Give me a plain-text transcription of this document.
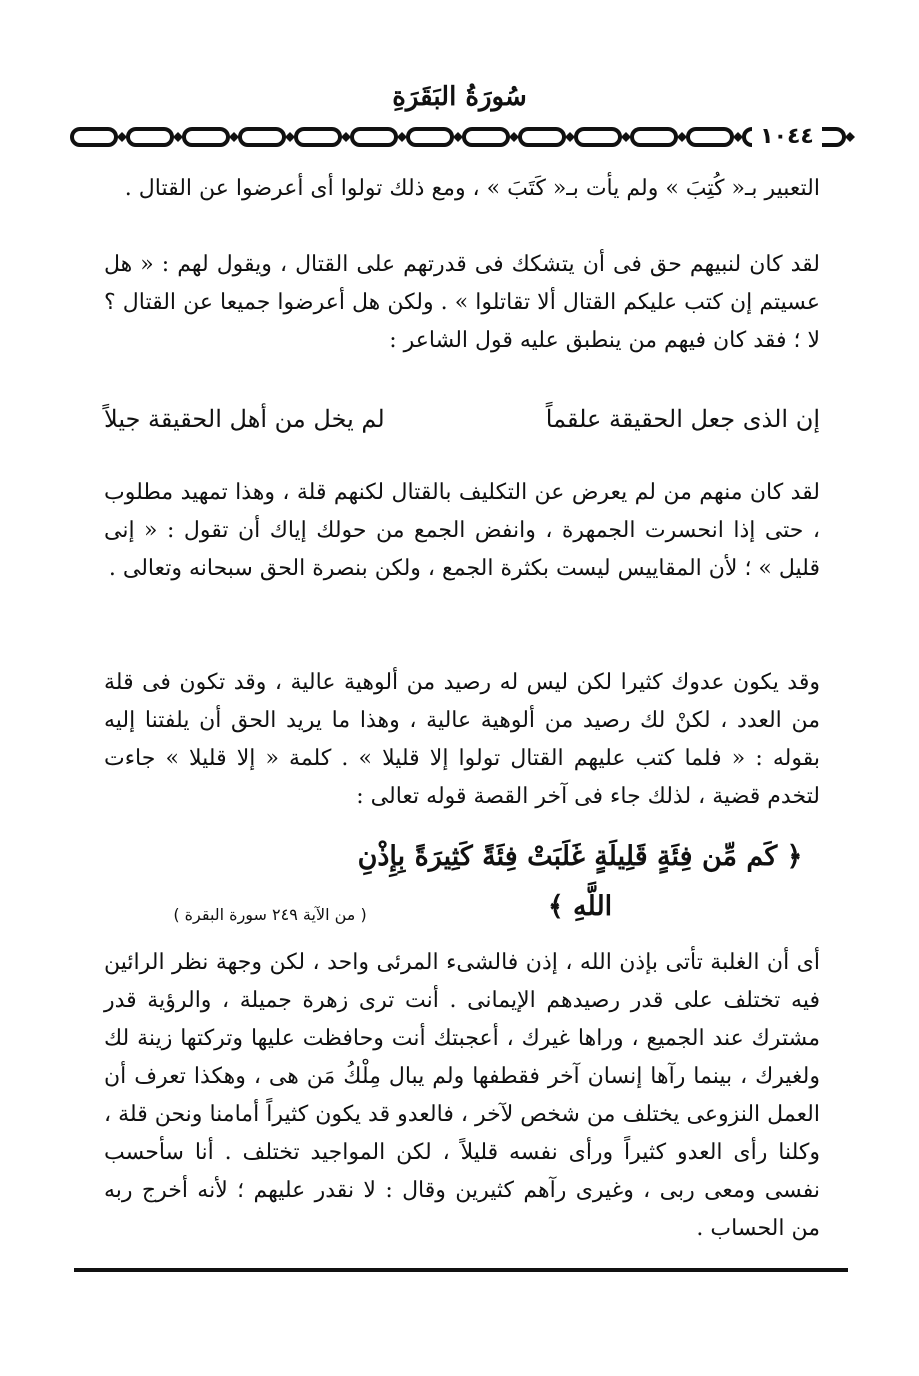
سُورَةُ البَقَرَةِ
١٠٤٤

التعبير بـ« كُتِبَ » ولم يأت بـ« كَتَبَ » ، ومع ذلك تولوا أى أعرضوا عن القتال .

لقد كان لنبيهم حق فى أن يتشكك فى قدرتهم على القتال ، ويقول لهم : « هل عسيتم إن كتب عليكم القتال ألا تقاتلوا » . ولكن هل أعرضوا جميعا عن القتال ؟ لا ؛ فقد كان فيهم من ينطبق عليه قول الشاعر :

إن الذى جعل الحقيقة علقماً
لم يخل من أهل الحقيقة جيلاً

لقد كان منهم من لم يعرض عن التكليف بالقتال لكنهم قلة ، وهذا تمهيد مطلوب ، حتى إذا انحسرت الجمهرة ، وانفض الجمع من حولك إياك أن تقول : « إنى قليل » ؛ لأن المقاييس ليست بكثرة الجمع ، ولكن بنصرة الحق سبحانه وتعالى .

وقد يكون عدوك كثيرا لكن ليس له رصيد من ألوهية عالية ، وقد تكون فى قلة من العدد ، لكنْ لك رصيد من ألوهية عالية ، وهذا ما يريد الحق أن يلفتنا إليه بقوله : « فلما كتب عليهم القتال تولوا إلا قليلا » . كلمة « إلا قليلا » جاءت لتخدم قضية ، لذلك جاء فى آخر القصة قوله تعالى :

﴿ كَم مِّن فِئَةٍ قَلِيلَةٍ غَلَبَتْ فِئَةً كَثِيرَةً بِإِذْنِ اللَّهِ ﴾
( من الآية ٢٤٩ سورة البقرة )

أى أن الغلبة تأتى بإذن الله ، إذن فالشىء المرئى واحد ، لكن وجهة نظر الرائين فيه تختلف على قدر رصيدهم الإيمانى . أنت ترى زهرة جميلة ، والرؤية قدر مشترك عند الجميع ، وراها غيرك ، أعجبتك أنت وحافظت عليها وتركتها زينة لك ولغيرك ، بينما رآها إنسان آخر فقطفها ولم يبال مِلْكُ مَن هى ، وهكذا تعرف أن العمل النزوعى يختلف من شخص لآخر ، فالعدو قد يكون كثيراً أمامنا ونحن قلة ، وكلنا رأى العدو كثيراً ورأى نفسه قليلاً ، لكن المواجيد تختلف . أنا سأحسب نفسى ومعى ربى ، وغيرى رآهم كثيرين وقال : لا نقدر عليهم ؛ لأنه أخرج ربه من الحساب .
